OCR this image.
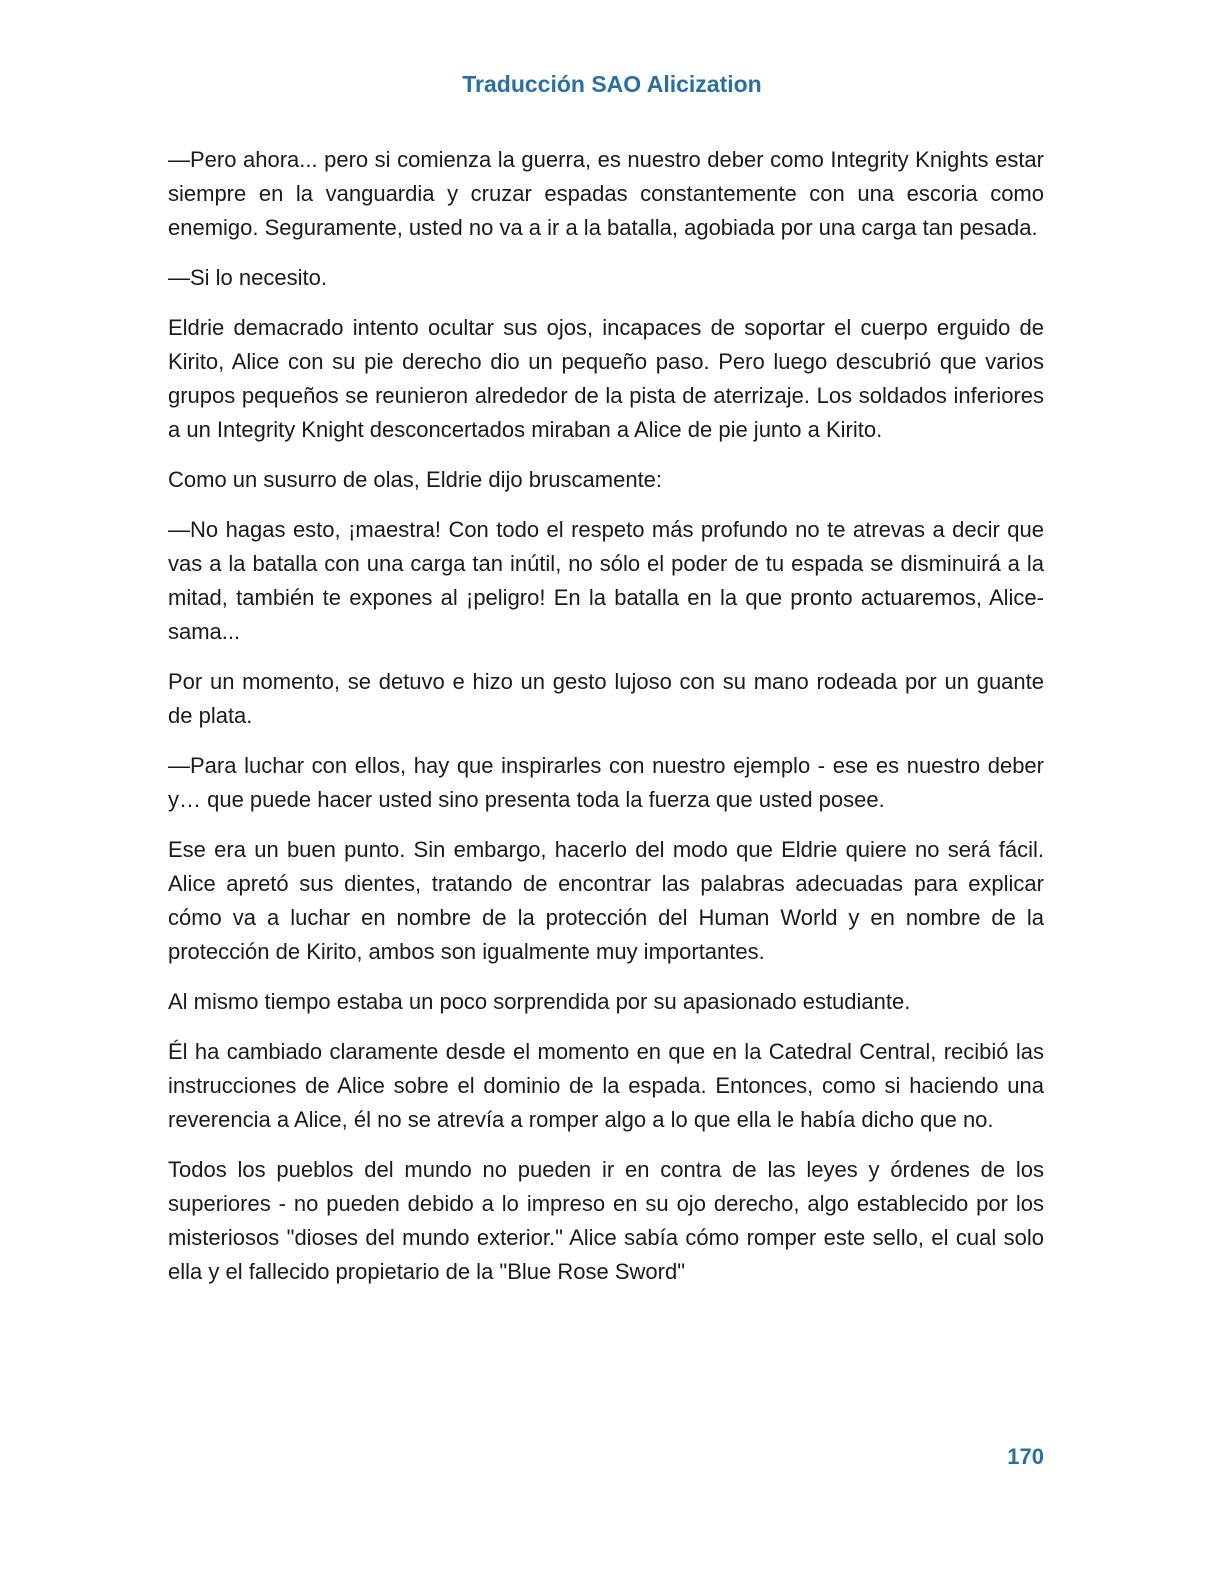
Traducción SAO Alicization

—Pero ahora... pero si comienza la guerra, es nuestro deber como Integrity Knights estar siempre en la vanguardia y cruzar espadas constantemente con una escoria como enemigo. Seguramente, usted no va a ir a la batalla, agobiada por una carga tan pesada.

—Si lo necesito.

Eldrie demacrado intento ocultar sus ojos, incapaces de soportar el cuerpo erguido de Kirito, Alice con su pie derecho dio un pequeño paso. Pero luego descubrió que varios grupos pequeños se reunieron alrededor de la pista de aterrizaje. Los soldados inferiores a un Integrity Knight desconcertados miraban a Alice de pie junto a Kirito.

Como un susurro de olas, Eldrie dijo bruscamente:

—No hagas esto, ¡maestra! Con todo el respeto más profundo no te atrevas a decir que vas a la batalla con una carga tan inútil, no sólo el poder de tu espada se disminuirá a la mitad, también te expones al ¡peligro! En la batalla en la que pronto actuaremos, Alice-sama...

Por un momento, se detuvo e hizo un gesto lujoso con su mano rodeada por un guante de plata.

—Para luchar con ellos, hay que inspirarles con nuestro ejemplo - ese es nuestro deber y… que puede hacer usted sino presenta toda la fuerza que usted posee.

Ese era un buen punto. Sin embargo, hacerlo del modo que Eldrie quiere no será fácil. Alice apretó sus dientes, tratando de encontrar las palabras adecuadas para explicar cómo va a luchar en nombre de la protección del Human World y en nombre de la protección de Kirito, ambos son igualmente muy importantes.

Al mismo tiempo estaba un poco sorprendida por su apasionado estudiante.

Él ha cambiado claramente desde el momento en que en la Catedral Central, recibió las instrucciones de Alice sobre el dominio de la espada. Entonces, como si haciendo una reverencia a Alice, él no se atrevía a romper algo a lo que ella le había dicho que no.

Todos los pueblos del mundo no pueden ir en contra de las leyes y órdenes de los superiores - no pueden debido a lo impreso en su ojo derecho, algo establecido por los misteriosos "dioses del mundo exterior." Alice sabía cómo romper este sello, el cual solo ella y el fallecido propietario de la "Blue Rose Sword"

170
